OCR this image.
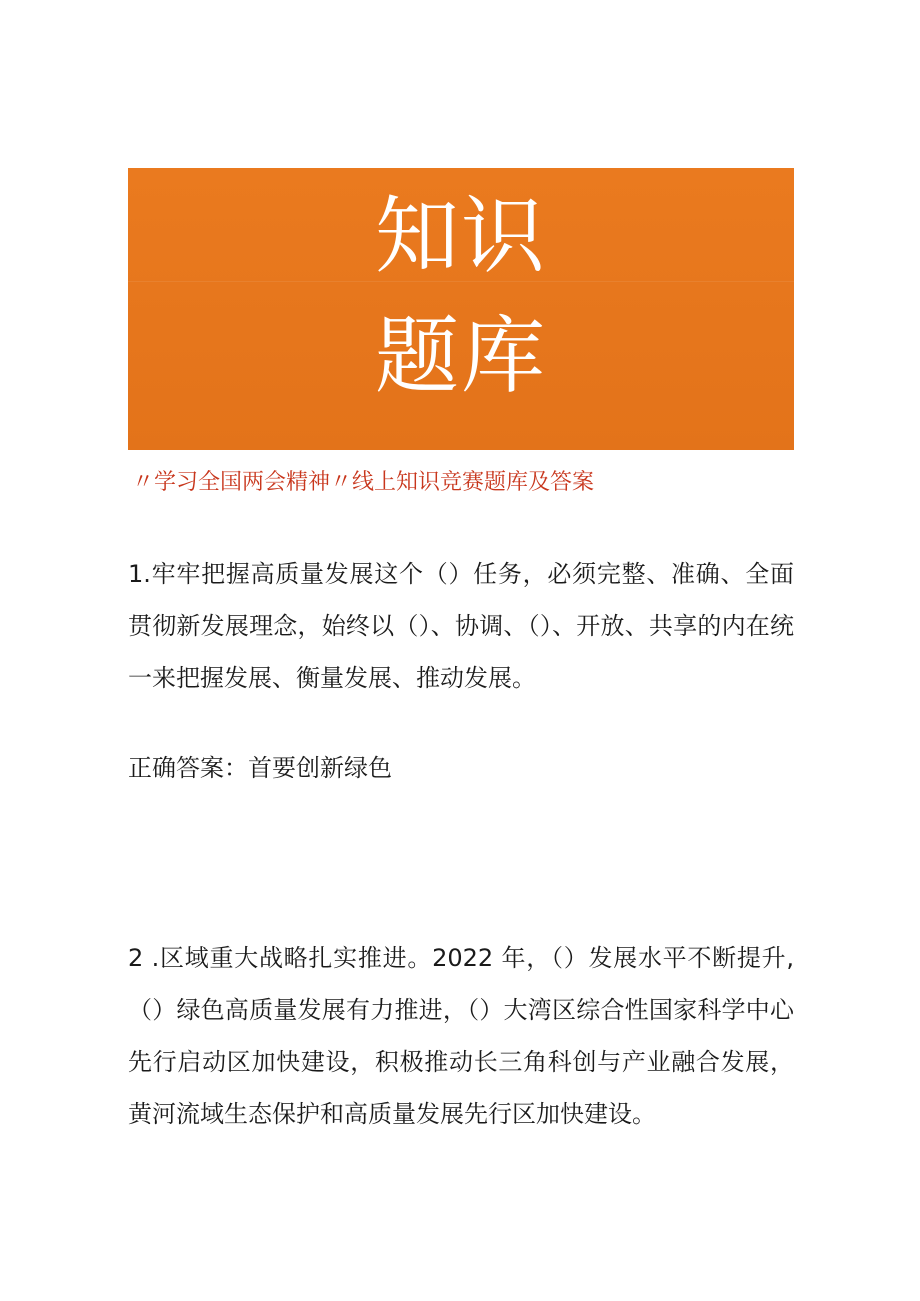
知识
题库
〃学习全国两会精神〃线上知识竞赛题库及答案
1.牢牢把握高质量发展这个（）任务，必须完整、准确、全面贯彻新发展理念，始终以（）、协调、（）、开放、共享的内在统一来把握发展、衡量发展、推动发展。
正确答案：首要创新绿色
2 .区域重大战略扎实推进。2022 年，（）发展水平不断提升,（）绿色高质量发展有力推进，（）大湾区综合性国家科学中心先行启动区加快建设，积极推动长三角科创与产业融合发展，黄河流域生态保护和高质量发展先行区加快建设。
